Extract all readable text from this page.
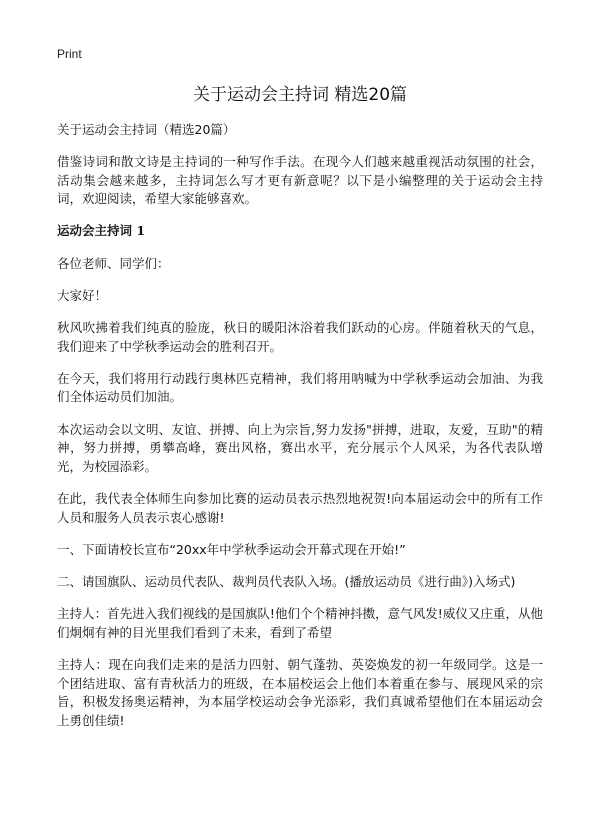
Print
关于运动会主持词 精选20篇

关于运动会主持词（精选20篇）

借鉴诗词和散文诗是主持词的一种写作手法。在现今人们越来越重视活动氛围的社会，活动集会越来越多，主持词怎么写才更有新意呢？以下是小编整理的关于运动会主持词，欢迎阅读，希望大家能够喜欢。

运动会主持词 1

各位老师、同学们：

大家好！

秋风吹拂着我们纯真的脸庞，秋日的暖阳沐浴着我们跃动的心房。伴随着秋天的气息，我们迎来了中学秋季运动会的胜利召开。

在今天，我们将用行动践行奥林匹克精神，我们将用呐喊为中学秋季运动会加油、为我们全体运动员们加油。

本次运动会以文明、友谊、拼搏、向上为宗旨,努力发扬"拼搏，进取，友爱，互助"的精神，努力拼搏，勇攀高峰，赛出风格，赛出水平，充分展示个人风采，为各代表队增光，为校园添彩。

在此，我代表全体师生向参加比赛的运动员表示热烈地祝贺!向本届运动会中的所有工作人员和服务人员表示衷心感谢!

一、下面请校长宣布“20xx年中学秋季运动会开幕式现在开始!”

二、请国旗队、运动员代表队、裁判员代表队入场。(播放运动员《进行曲》)入场式)

主持人：首先进入我们视线的是国旗队!他们个个精神抖擞，意气风发!威仪又庄重，从他们炯炯有神的目光里我们看到了未来，看到了希望

主持人：现在向我们走来的是活力四射、朝气蓬勃、英姿焕发的初一年级同学。这是一个团结进取、富有青秋活力的班级，在本届校运会上他们本着重在参与、展现风采的宗旨，积极发扬奥运精神，为本届学校运动会争光添彩，我们真诚希望他们在本届运动会上勇创佳绩!
